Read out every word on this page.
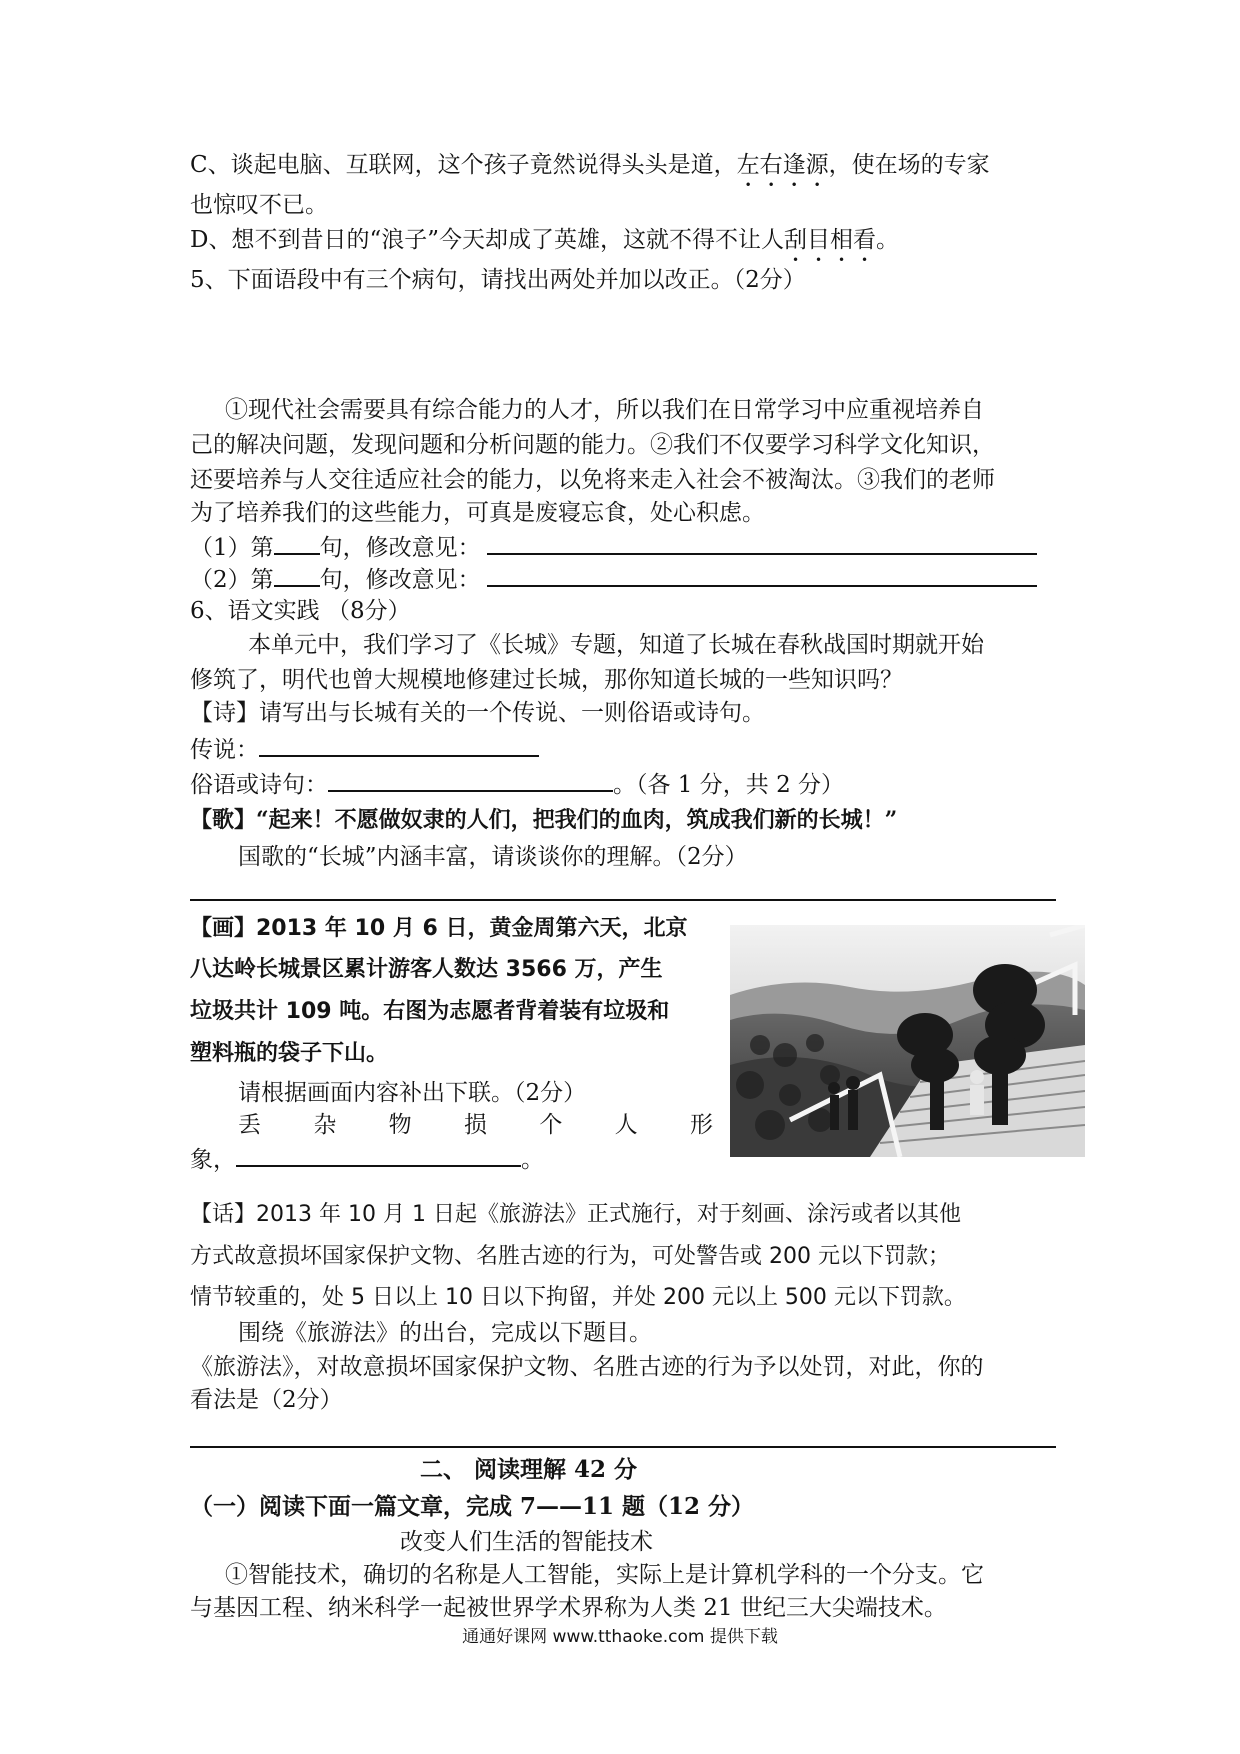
C、谈起电脑、互联网，这个孩子竟然说得头头是道，左右逢源，使在场的专家
也惊叹不已。
D、想不到昔日的“浪子”今天却成了英雄，这就不得不让人刮目相看。
5、下面语段中有三个病句，请找出两处并加以改正。（2分）
①现代社会需要具有综合能力的人才，所以我们在日常学习中应重视培养自
己的解决问题，发现问题和分析问题的能力。②我们不仅要学习科学文化知识，
还要培养与人交往适应社会的能力，以免将来走入社会不被淘汰。③我们的老师
为了培养我们的这些能力，可真是废寝忘食，处心积虑。
（1）第 句，修改意见：
（2）第 句，修改意见：
6、语文实践 （8分）
本单元中，我们学习了《长城》专题，知道了长城在春秋战国时期就开始
修筑了，明代也曾大规模地修建过长城，那你知道长城的一些知识吗？
【诗】请写出与长城有关的一个传说、一则俗语或诗句。
传说：
俗语或诗句：	。（各 1 分，共 2 分）
【歌】“起来！不愿做奴隶的人们，把我们的血肉，筑成我们新的长城！”
国歌的“长城”内涵丰富，请谈谈你的理解。（2分）
【画】2013 年 10 月 6 日，黄金周第六天，北京
八达岭长城景区累计游客人数达 3566 万，产生
垃圾共计 109 吨。右图为志愿者背着装有垃圾和
塑料瓶的袋子下山。
请根据画面内容补出下联。（2分）
丢 杂 物 损 个 人 形
象，	。
【话】2013 年 10 月 1 日起《旅游法》正式施行，对于刻画、涂污或者以其他
方式故意损坏国家保护文物、名胜古迹的行为，可处警告或 200 元以下罚款；
情节较重的，处 5 日以上 10 日以下拘留，并处 200 元以上 500 元以下罚款。
围绕《旅游法》的出台，完成以下题目。
《旅游法》，对故意损坏国家保护文物、名胜古迹的行为予以处罚，对此，你的
看法是（2分）
二、 阅读理解 42 分
（一）阅读下面一篇文章，完成 7——11 题（12 分）
改变人们生活的智能技术
①智能技术，确切的名称是人工智能，实际上是计算机学科的一个分支。它
与基因工程、纳米科学一起被世界学术界称为人类 21 世纪三大尖端技术。
通通好课网 www.tthaoke.com 提供下载
